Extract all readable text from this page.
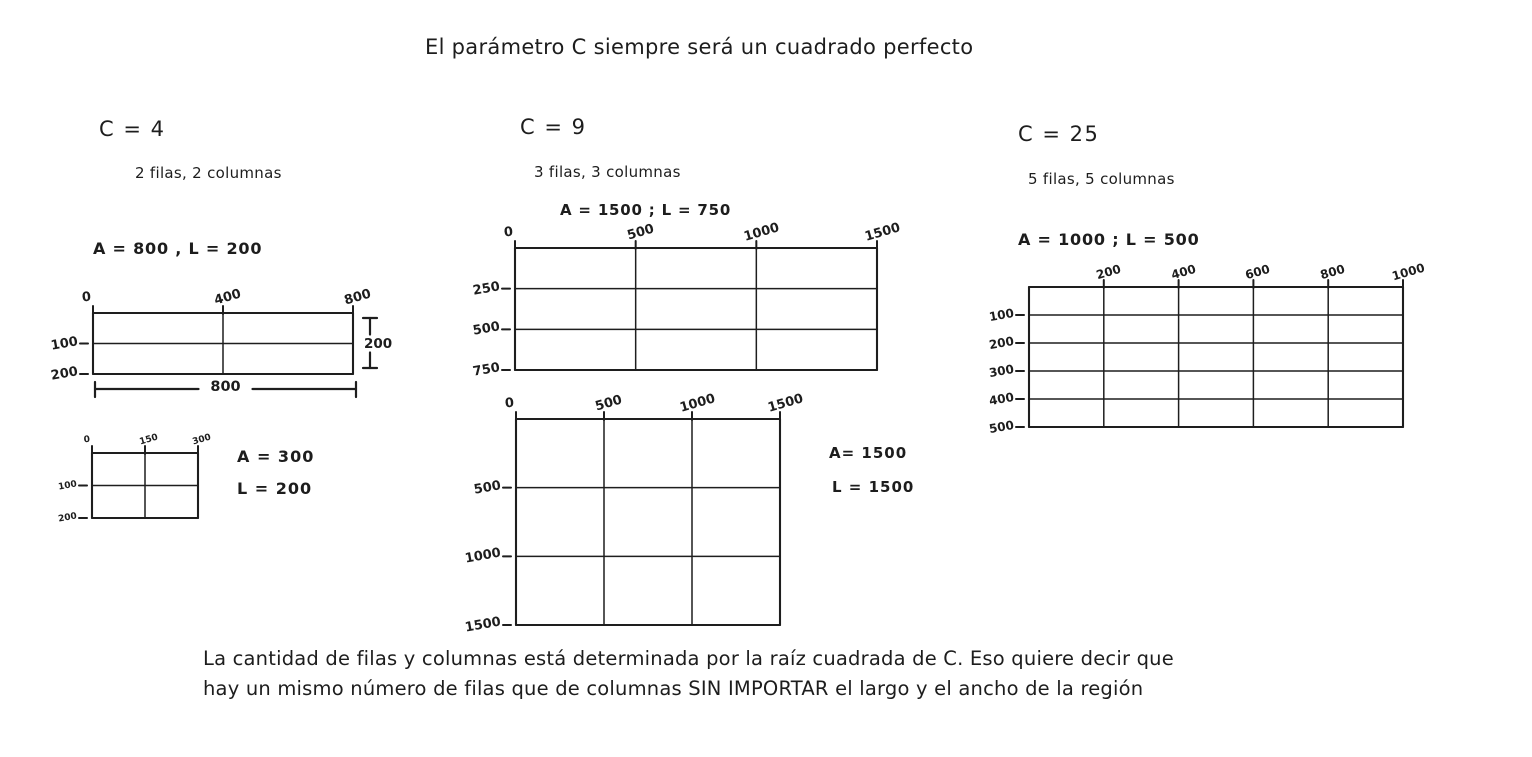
El parámetro C siempre será un cuadrado perfecto
C = 4
2 filas, 2 columnas
A = 800 , L = 200
A = 300
L = 200
C = 9
3 filas, 3 columnas
A = 1500 ; L = 750
A= 1500
L = 1500
C = 25
5 filas, 5 columnas
A = 1000 ; L = 500
La cantidad de filas y columnas está determinada por la raíz cuadrada de C. Eso quiere decir que
hay un mismo número de filas que de columnas SIN IMPORTAR el largo y el ancho de la región
0	400	800
100
200
200
800
0	150	300
100
200
0	500	1000	1500
250
500
750
0	500	1000	1500
500
1000
1500
200	400	600	800	1000
100
200
300
400
500
